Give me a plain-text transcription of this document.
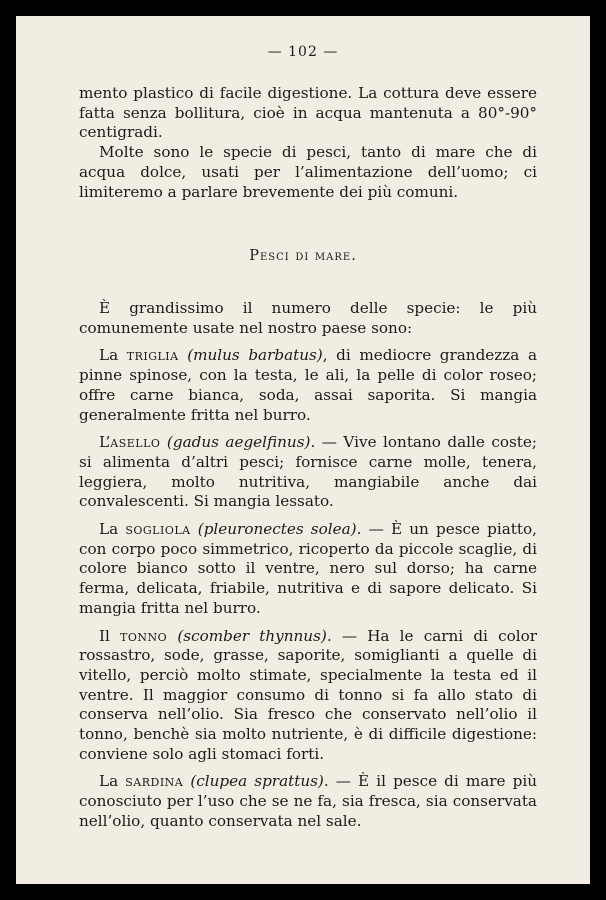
— 102 —

mento plastico di facile digestione. La cottura deve essere fatta senza bollitura, cioè in acqua mantenuta a 80°-90° centigradi.

Molte sono le specie di pesci, tanto di mare che di acqua dolce, usati per l’alimentazione dell’uomo; ci limiteremo a parlare brevemente dei più comuni.

Pesci di mare.

È grandissimo il numero delle specie: le più comunemente usate nel nostro paese sono:

La triglia (mulus barbatus), di mediocre grandezza a pinne spinose, con la testa, le ali, la pelle di color roseo; offre carne bianca, soda, assai saporita. Si mangia generalmente fritta nel burro.

L’asello (gadus aegelfinus). — Vive lontano dalle coste; si alimenta d’altri pesci; fornisce carne molle, tenera, leggiera, molto nutritiva, mangiabile anche dai convalescenti. Si mangia lessato.

La sogliola (pleuronectes solea). — È un pesce piatto, con corpo poco simmetrico, ricoperto da piccole scaglie, di colore bianco sotto il ventre, nero sul dorso; ha carne ferma, delicata, friabile, nutritiva e di sapore delicato. Si mangia fritta nel burro.

Il tonno (scomber thynnus). — Ha le carni di color rossastro, sode, grasse, saporite, somiglianti a quelle di vitello, perciò molto stimate, specialmente la testa ed il ventre. Il maggior consumo di tonno si fa allo stato di conserva nell’olio. Sia fresco che conservato nell’olio il tonno, benchè sia molto nutriente, è di difficile digestione: conviene solo agli stomaci forti.

La sardina (clupea sprattus). — È il pesce di mare più conosciuto per l’uso che se ne fa, sia fresca, sia conservata nell’olio, quanto conservata nel sale.
